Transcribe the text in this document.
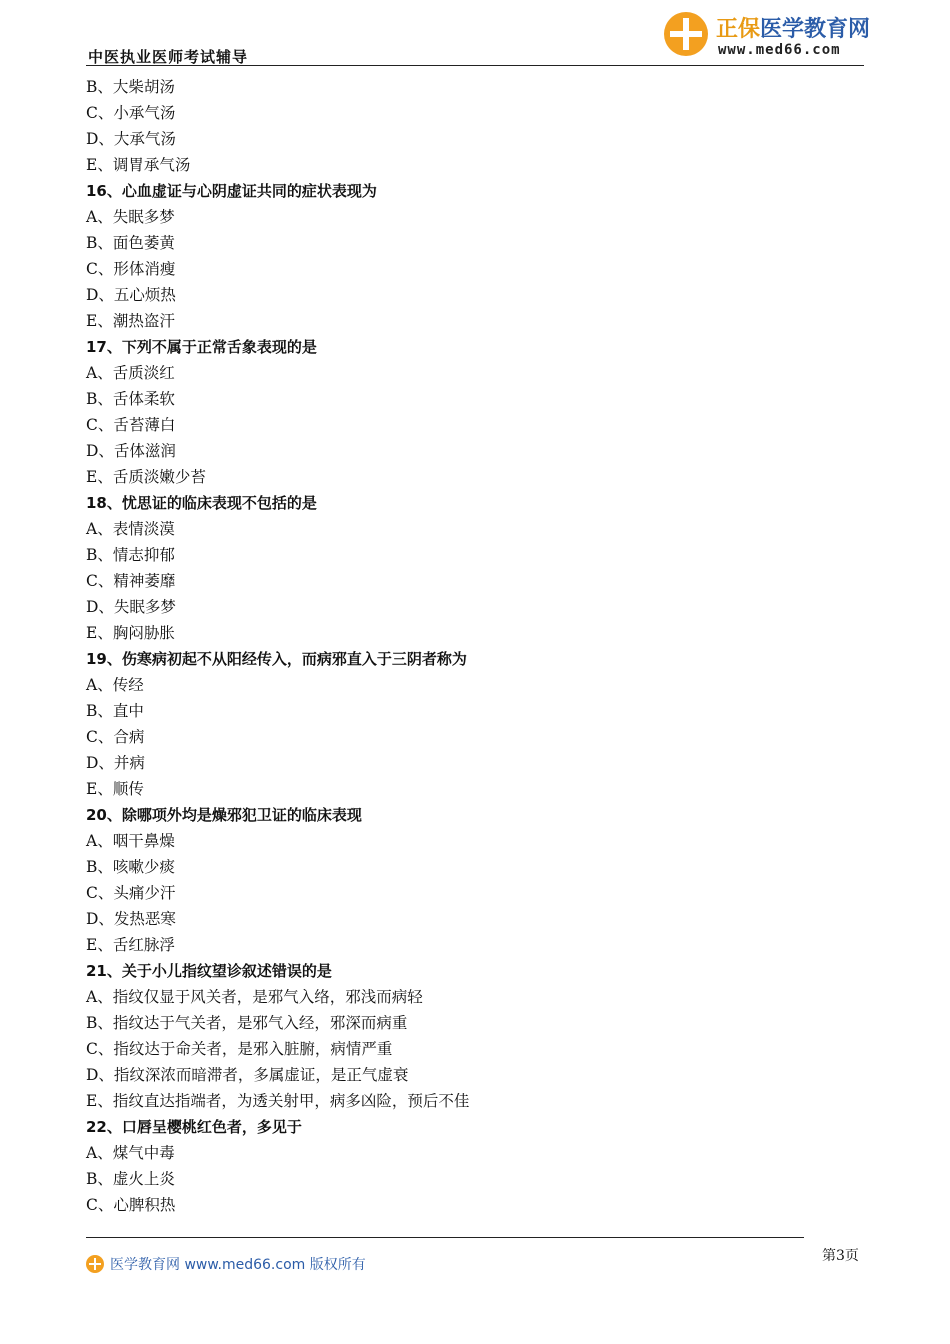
中医执业医师考试辅导
正保医学教育网
www.med66.com
B、大柴胡汤
C、小承气汤
D、大承气汤
E、调胃承气汤
16、心血虚证与心阴虚证共同的症状表现为
A、失眠多梦
B、面色萎黄
C、形体消瘦
D、五心烦热
E、潮热盗汗
17、下列不属于正常舌象表现的是
A、舌质淡红
B、舌体柔软
C、舌苔薄白
D、舌体滋润
E、舌质淡嫩少苔
18、忧思证的临床表现不包括的是
A、表情淡漠
B、情志抑郁
C、精神萎靡
D、失眠多梦
E、胸闷胁胀
19、伤寒病初起不从阳经传入，而病邪直入于三阴者称为
A、传经
B、直中
C、合病
D、并病
E、顺传
20、除哪项外均是燥邪犯卫证的临床表现
A、咽干鼻燥
B、咳嗽少痰
C、头痛少汗
D、发热恶寒
E、舌红脉浮
21、关于小儿指纹望诊叙述错误的是
A、指纹仅显于风关者，是邪气入络，邪浅而病轻
B、指纹达于气关者，是邪气入经，邪深而病重
C、指纹达于命关者，是邪入脏腑，病情严重
D、指纹深浓而暗滞者，多属虚证，是正气虚衰
E、指纹直达指端者，为透关射甲，病多凶险，预后不佳
22、口唇呈樱桃红色者，多见于
A、煤气中毒
B、虚火上炎
C、心脾积热
医学教育网 www.med66.com 版权所有
第3页
